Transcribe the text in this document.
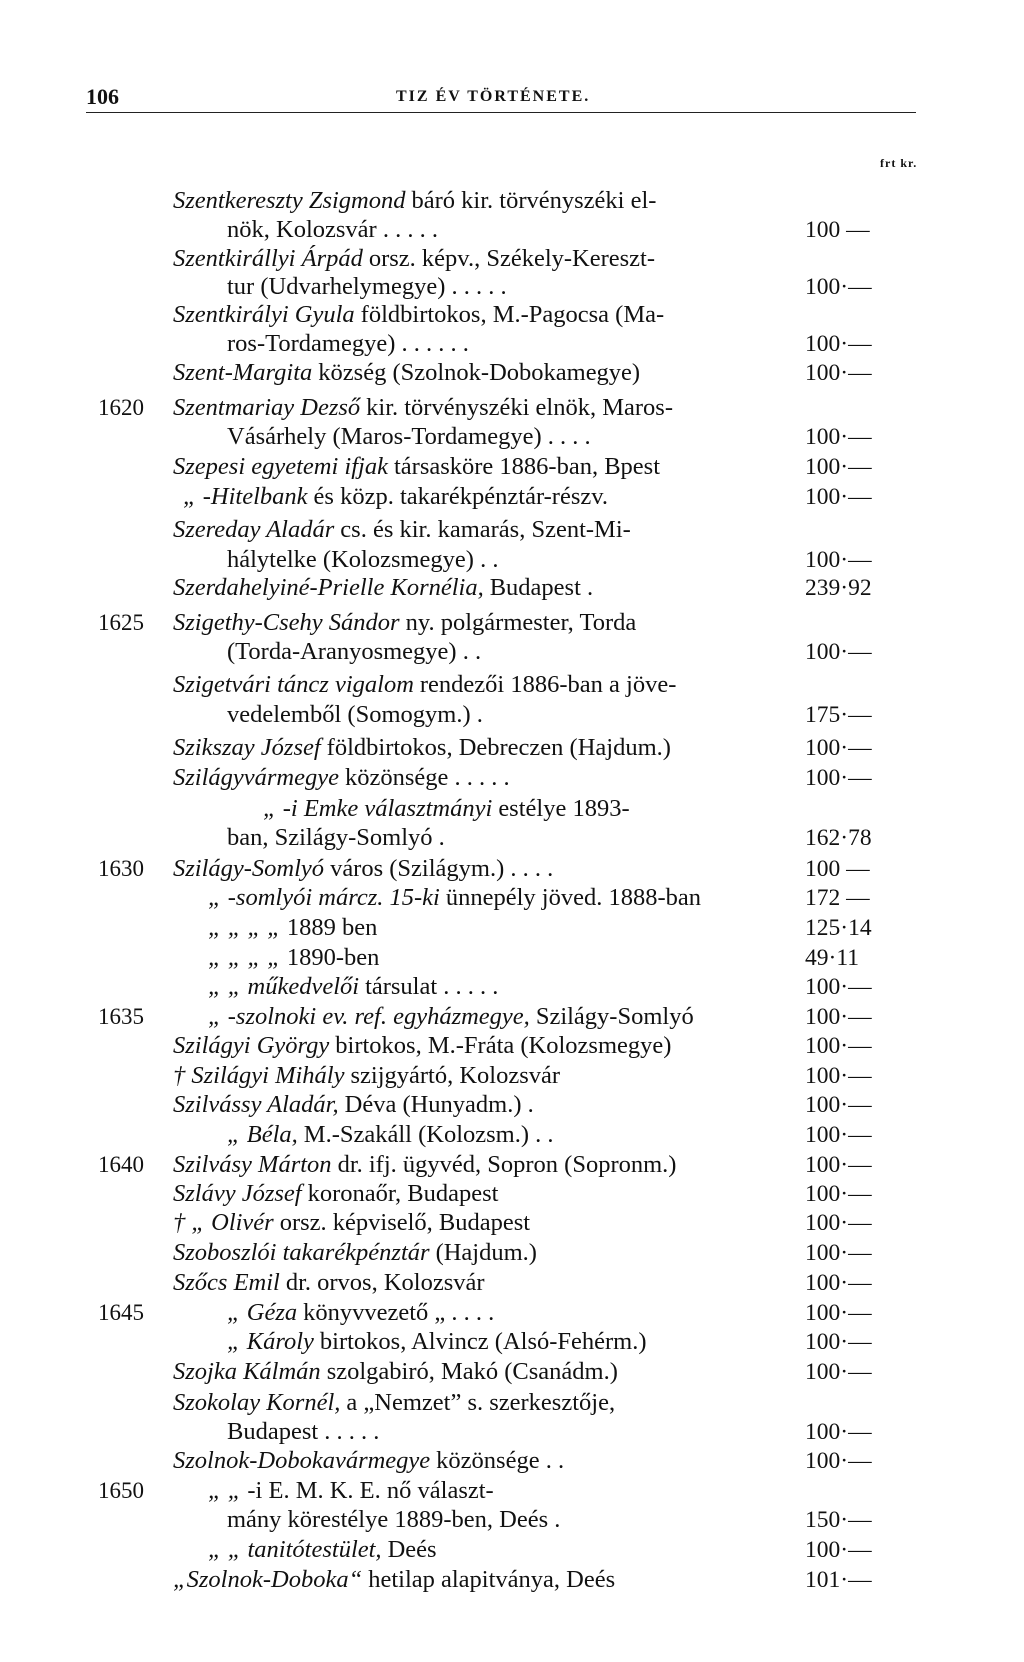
106	TIZ ÉV TÖRTÉNETE.
frt kr.
Szentkereszty Zsigmond báró kir. törvényszéki el-
nök, Kolozsvár . . . . .	100 —
Szentkirállyi Árpád orsz. képv., Székely-Kereszt-
tur (Udvarhelymegye) . . . . .	100·—
Szentkirályi Gyula földbirtokos, M.-Pagocsa (Ma-
ros-Tordamegye) . . . . . .	100·—
Szent-Margita község (Szolnok-Dobokamegye)	100·—
1620 Szentmariay Dezső kir. törvényszéki elnök, Maros-
Vásárhely (Maros-Tordamegye) . . . .	100·—
Szepesi egyetemi ifjak társasköre 1886-ban, Bpest	100·—
„ -Hitelbank és közp. takarékpénztár-részv.	100·—
Szereday Aladár cs. és kir. kamarás, Szent-Mi-
hálytelke (Kolozsmegye) . .	100·—
Szerdahelyiné-Prielle Kornélia, Budapest .	239·92
1625 Szigethy-Csehy Sándor ny. polgármester, Torda
(Torda-Aranyosmegye) . .	100·—
Szigetvári táncz vigalom rendezői 1886-ban a jöve-
vedelemből (Somogym.) .	175·—
Szikszay József földbirtokos, Debreczen (Hajdum.)	100·—
Szilágyvármegye közönsége . . . . .	100·—
„ -i Emke választmányi estélye 1893-
ban, Szilágy-Somlyó .	162·78
1630 Szilágy-Somlyó város (Szilágym.) . . . .	100 —
„ -somlyói márcz. 15-ki ünnepély jöved. 1888-ban	172 —
„ „ „ „ 1889 ben	125·14
„ „ „ „ 1890-ben	49·11
„ „ műkedvelői társulat . . . . .	100·—
1635	„ -szolnoki ev. ref. egyházmegye, Szilágy-Somlyó	100·—
Szilágyi György birtokos, M.-Fráta (Kolozsmegye)	100·—
† Szilágyi Mihály szijgyártó, Kolozsvár	100·—
Szilvássy Aladár, Déva (Hunyadm.) .	100·—
„ Béla, M.-Szakáll (Kolozsm.) . .	100·—
1640 Szilvásy Márton dr. ifj. ügyvéd, Sopron (Sopronm.)	100·—
Szlávy József koronaőr, Budapest	100·—
† „ Olivér orsz. képviselő, Budapest	100·—
Szoboszlói takarékpénztár (Hajdum.)	100·—
Szőcs Emil dr. orvos, Kolozsvár	100·—
1645	„ Géza könyvvezető „ . . . .	100·—
„ Károly birtokos, Alvincz (Alsó-Fehérm.)	100·—
Szojka Kálmán szolgabiró, Makó (Csanádm.)	100·—
Szokolay Kornél, a „Nemzet” s. szerkesztője,
Budapest . . . . .	100·—
Szolnok-Dobokavármegye közönsége . .	100·—
1650	„ „ -i E. M. K. E. nő választ-
mány körestélye 1889-ben, Deés .	150·—
„ „ tanitótestület, Deés	100·—
„Szolnok-Doboka“ hetilap alapitványa, Deés	101·—
